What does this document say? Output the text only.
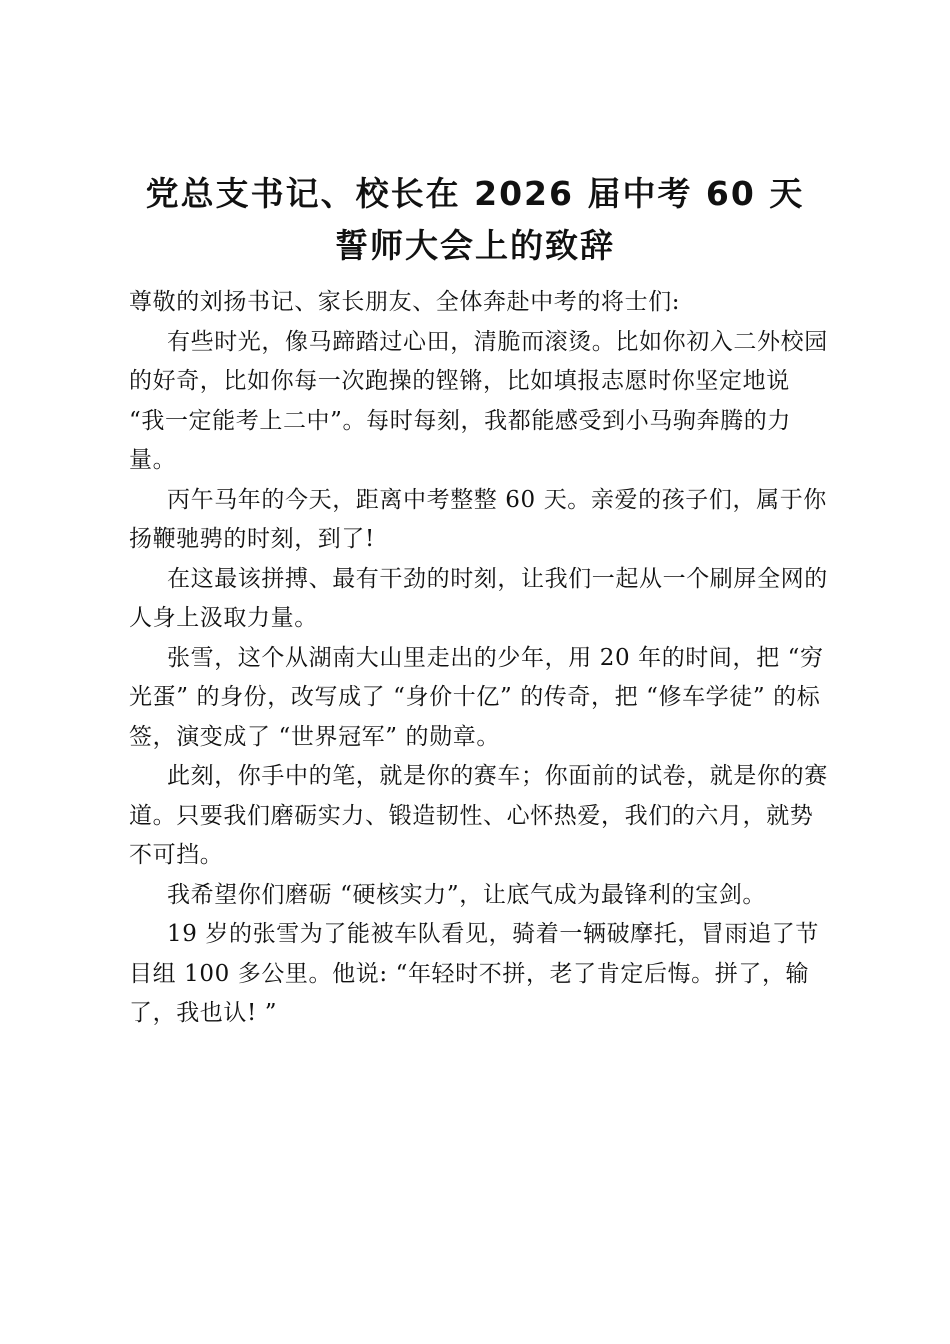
党总支书记、校长在 2026 届中考 60 天
誓师大会上的致辞
尊敬的刘扬书记、家长朋友、全体奔赴中考的将士们:

有些时光，像马蹄踏过心田，清脆而滚烫。比如你初入二外校园的好奇，比如你每一次跑操的铿锵，比如填报志愿时你坚定地说 “我一定能考上二中”。每时每刻，我都能感受到小马驹奔腾的力量。

丙午马年的今天，距离中考整整 60 天。亲爱的孩子们，属于你扬鞭驰骋的时刻，到了!

在这最该拼搏、最有干劲的时刻，让我们一起从一个刷屏全网的人身上汲取力量。

张雪，这个从湖南大山里走出的少年，用 20 年的时间，把 “穷光蛋” 的身份，改写成了 “身价十亿” 的传奇，把 “修车学徒” 的标签，演变成了 “世界冠军” 的勋章。

此刻，你手中的笔，就是你的赛车；你面前的试卷，就是你的赛道。只要我们磨砺实力、锻造韧性、心怀热爱，我们的六月，就势不可挡。

我希望你们磨砺 “硬核实力”，让底气成为最锋利的宝剑。

19 岁的张雪为了能被车队看见，骑着一辆破摩托，冒雨追了节目组 100 多公里。他说: “年轻时不拼，老了肯定后悔。拼了，输了，我也认! ”
